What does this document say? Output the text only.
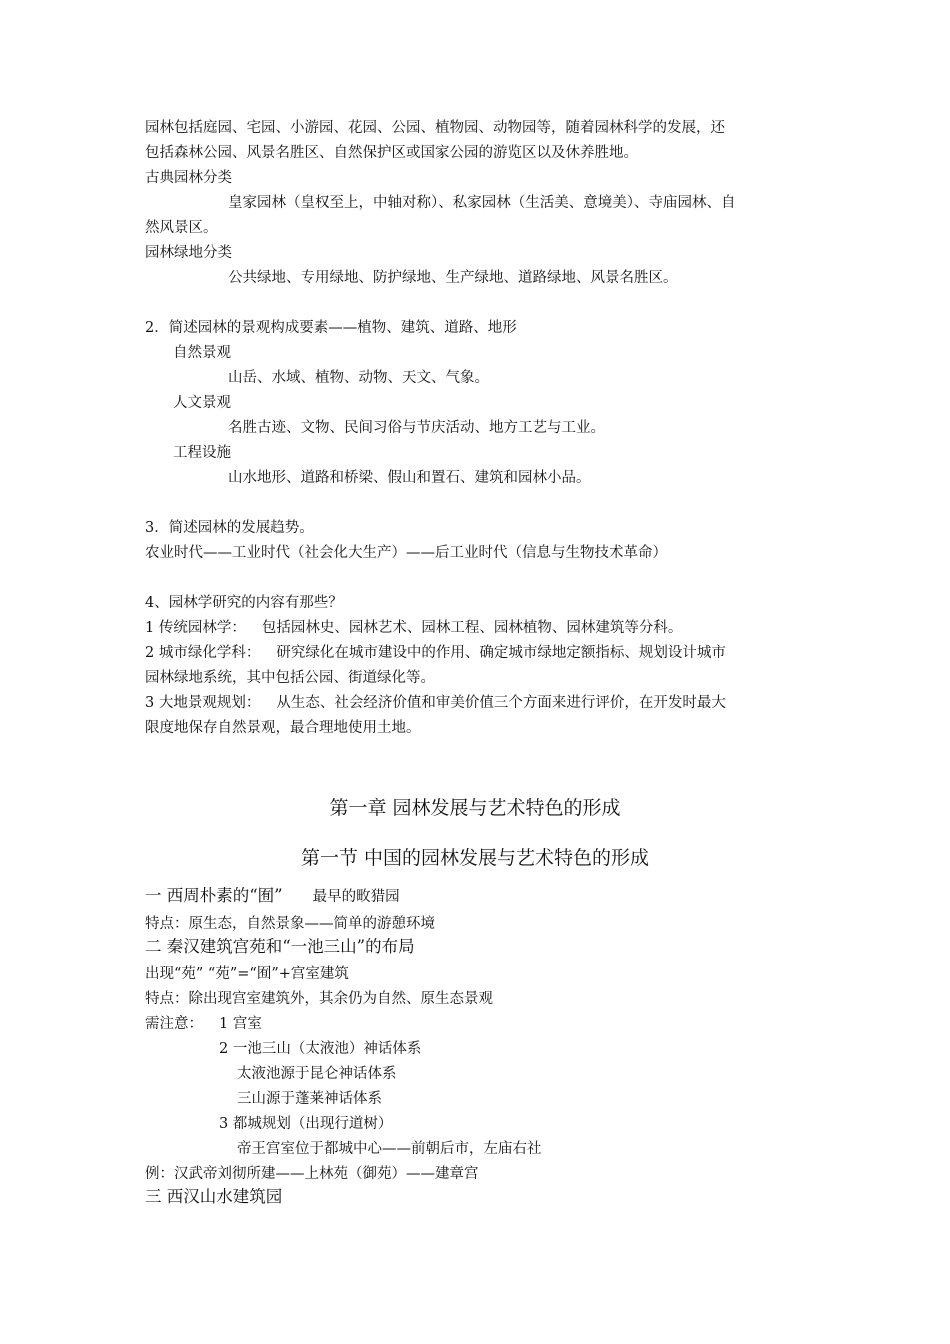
园林包括庭园、宅园、小游园、花园、公园、植物园、动物园等，随着园林科学的发展，还
包括森林公园、风景名胜区、自然保护区或国家公园的游览区以及休养胜地。
古典园林分类
皇家园林（皇权至上，中轴对称）、私家园林（生活美、意境美）、寺庙园林、自
然风景区。
园林绿地分类
公共绿地、专用绿地、防护绿地、生产绿地、道路绿地、风景名胜区。
2．简述园林的景观构成要素——植物、建筑、道路、地形
自然景观
山岳、水域、植物、动物、天文、气象。
人文景观
名胜古迹、文物、民间习俗与节庆活动、地方工艺与工业。
工程设施
山水地形、道路和桥梁、假山和置石、建筑和园林小品。
3．简述园林的发展趋势。
农业时代——工业时代（社会化大生产）——后工业时代（信息与生物技术革命）
4、园林学研究的内容有那些？
1 传统园林学： 包括园林史、园林艺术、园林工程、园林植物、园林建筑等分科。
2 城市绿化学科： 研究绿化在城市建设中的作用、确定城市绿地定额指标、规划设计城市
园林绿地系统，其中包括公园、街道绿化等。
3 大地景观规划： 从生态、社会经济价值和审美价值三个方面来进行评价，在开发时最大
限度地保存自然景观，最合理地使用土地。
第一章 园林发展与艺术特色的形成
第一节 中国的园林发展与艺术特色的形成
一 西周朴素的“囿” 最早的畋猎园
特点：原生态，自然景象——简单的游憩环境
二 秦汉建筑宫苑和“一池三山”的布局
出现“苑” “苑”=“囿”+宫室建筑
特点：除出现宫室建筑外，其余仍为自然、原生态景观
需注意： 1 宫室
2 一池三山（太液池）神话体系
太液池源于昆仑神话体系
三山源于蓬莱神话体系
3 都城规划（出现行道树）
帝王宫室位于都城中心——前朝后市，左庙右社
例：汉武帝刘彻所建——上林苑（御苑）——建章宫
三 西汉山水建筑园
